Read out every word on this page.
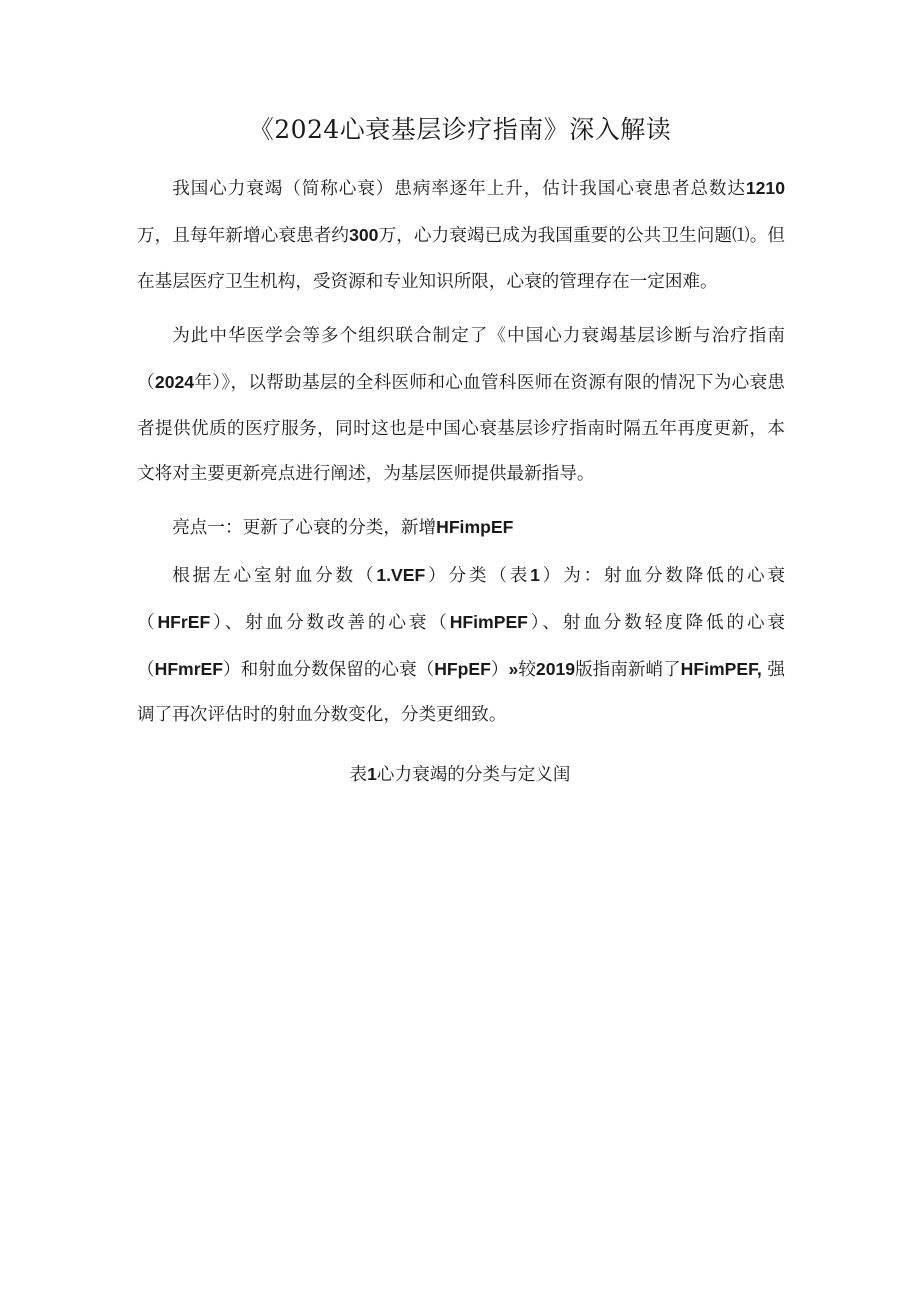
《2024心衰基层诊疗指南》深入解读

我国心力衰竭（简称心衰）患病率逐年上升，估计我国心衰患者总数达1210万，且每年新增心衰患者约300万，心力衰竭已成为我国重要的公共卫生问题⑴。但在基层医疗卫生机构，受资源和专业知识所限，心衰的管理存在一定困难。

为此中华医学会等多个组织联合制定了《中国心力衰竭基层诊断与治疗指南（2024年）》，以帮助基层的全科医师和心血管科医师在资源有限的情况下为心衰患者提供优质的医疗服务，同时这也是中国心衰基层诊疗指南时隔五年再度更新，本文将对主要更新亮点进行阐述，为基层医师提供最新指导。

亮点一：更新了心衰的分类，新增HFimpEF

根据左心室射血分数（1.VEF）分类（表1）为：射血分数降低的心衰（HFrEF）、射血分数改善的心衰（HFimPEF）、射血分数轻度降低的心衰（HFmrEF）和射血分数保留的心衰（HFpEF）»较2019版指南新峭了HFimPEF, 强调了再次评估时的射血分数变化，分类更细致。

表1心力衰竭的分类与定义闺
